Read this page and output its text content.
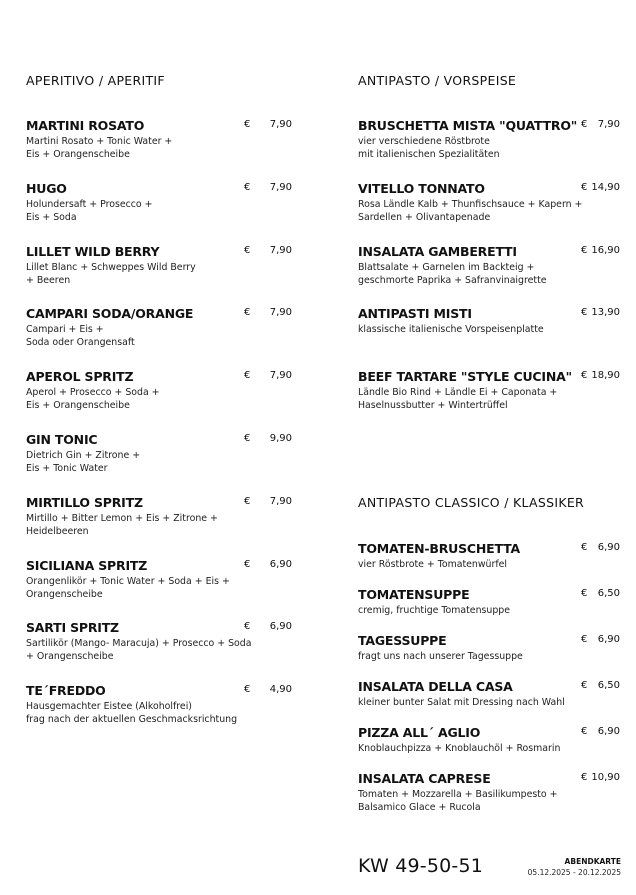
APERITIVO / APERITIF
MARTINI ROSATO
Martini Rosato + Tonic Water +
Eis + Orangenscheibe
€	7,90
HUGO
Holundersaft + Prosecco +
Eis + Soda
€	7,90
LILLET WILD BERRY
Lillet Blanc + Schweppes Wild Berry
+ Beeren
€	7,90
CAMPARI SODA/ORANGE
Campari + Eis +
Soda oder Orangensaft
€	7,90
APEROL SPRITZ
Aperol + Prosecco + Soda +
Eis + Orangenscheibe
€	7,90
GIN TONIC
Dietrich Gin + Zitrone +
Eis + Tonic Water
€	9,90
MIRTILLO SPRITZ
Mirtillo + Bitter Lemon + Eis + Zitrone +
Heidelbeeren
€	7,90
SICILIANA SPRITZ
Orangenlikör + Tonic Water + Soda + Eis +
Orangenscheibe
€	6,90
SARTI SPRITZ
Sartilikör (Mango- Maracuja) + Prosecco + Soda
+ Orangenscheibe
€	6,90
TE´FREDDO
Hausgemachter Eistee (Alkoholfrei)
frag nach der aktuellen Geschmacksrichtung
€	4,90
ANTIPASTO / VORSPEISE
BRUSCHETTA MISTA "QUATTRO"
vier verschiedene Röstbrote
mit italienischen Spezialitäten
€	7,90
VITELLO TONNATO
Rosa Ländle Kalb + Thunfischsauce + Kapern +
Sardellen + Olivantapenade
€ 14,90
INSALATA GAMBERETTI
Blattsalate + Garnelen im Backteig +
geschmorte Paprika + Safranvinaigrette
€ 16,90
ANTIPASTI MISTI
klassische italienische Vorspeisenplatte
€ 13,90
BEEF TARTARE "STYLE CUCINA"
Ländle Bio Rind + Ländle Ei + Caponata +
Haselnussbutter + Wintertrüffel
€ 18,90
ANTIPASTO CLASSICO / KLASSIKER
TOMATEN-BRUSCHETTA
vier Röstbrote + Tomatenwürfel
€	6,90
TOMATENSUPPE
cremig, fruchtige Tomatensuppe
€	6,50
TAGESSUPPE
fragt uns nach unserer Tagessuppe
€	6,90
INSALATA DELLA CASA
kleiner bunter Salat mit Dressing nach Wahl
€	6,50
PIZZA ALL´ AGLIO
Knoblauchpizza + Knoblauchöl + Rosmarin
€	6,90
INSALATA CAPRESE
Tomaten + Mozzarella + Basilikumpesto +
Balsamico Glace + Rucola
€ 10,90
KW 49-50-51	ABENDKARTE
05.12.2025 - 20.12.2025
